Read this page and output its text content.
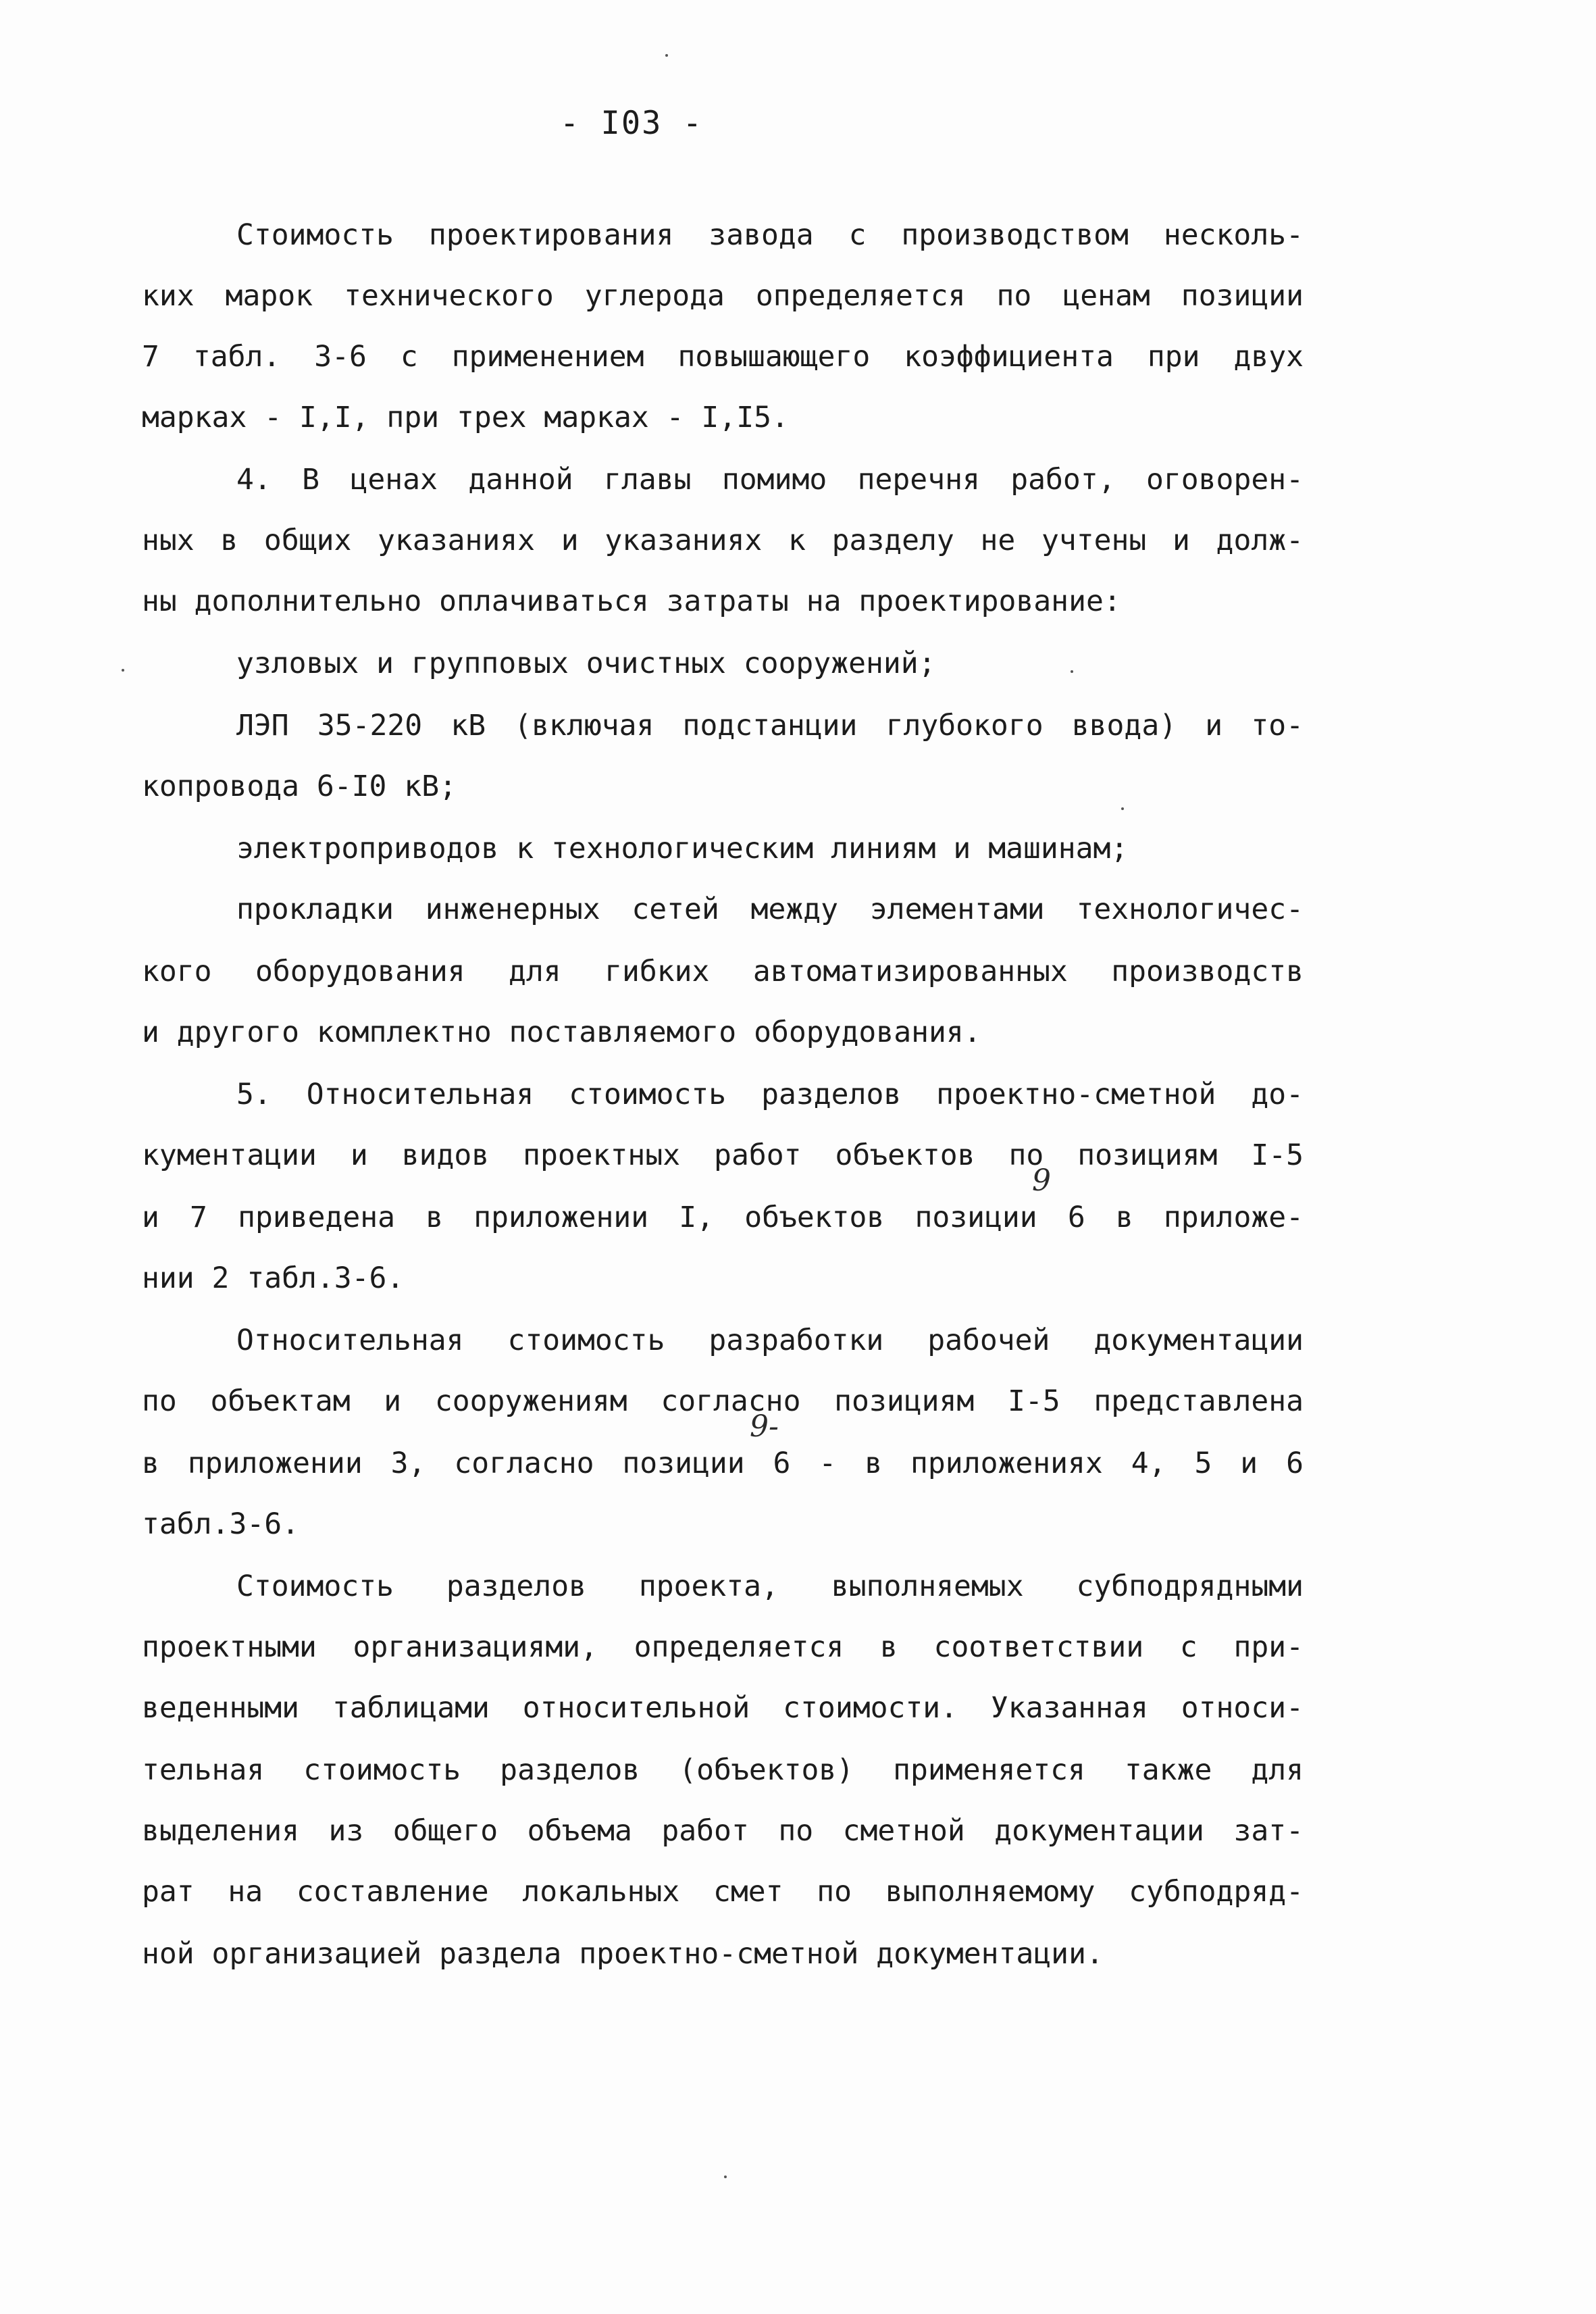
- I03 -
Стоимость проектирования завода с производством несколь-
ких марок технического углерода определяется по ценам позиции
7 табл. 3-6 с применением повышающего коэффициента при двух
марках - I,I, при трех марках - I,I5.
4. В ценах данной главы помимо перечня работ, оговорен-
ных в общих указаниях и указаниях к разделу не учтены и долж-
ны дополнительно оплачиваться затраты на проектирование:
узловых и групповых очистных сооружений;
ЛЭП 35-220 кВ (включая подстанции глубокого ввода) и то-
копровода 6-I0 кВ;
электроприводов к технологическим линиям и машинам;
прокладки инженерных сетей между элементами технологичес-
кого оборудования для гибких автоматизированных производств
и другого комплектно поставляемого оборудования.
5. Относительная стоимость разделов проектно-сметной до-
кументации и видов проектных работ объектов по позициям I-5
и 7 приведена в приложении I, объектов позиции 6 в приложе-
нии 2 табл.3-6.
Относительная стоимость разработки рабочей документации
по объектам и сооружениям согласно позициям I-5 представлена
в приложении 3, согласно позиции 6 - в приложениях 4, 5 и 6
табл.3-6.
Стоимость разделов проекта, выполняемых субподрядными
проектными организациями, определяется в соответствии с при-
веденными таблицами относительной стоимости. Указанная относи-
тельная стоимость разделов (объектов) применяется также для
выделения из общего объема работ по сметной документации зат-
рат на составление локальных смет по выполняемому субподряд-
ной организацией раздела проектно-сметной документации.
9
9-
